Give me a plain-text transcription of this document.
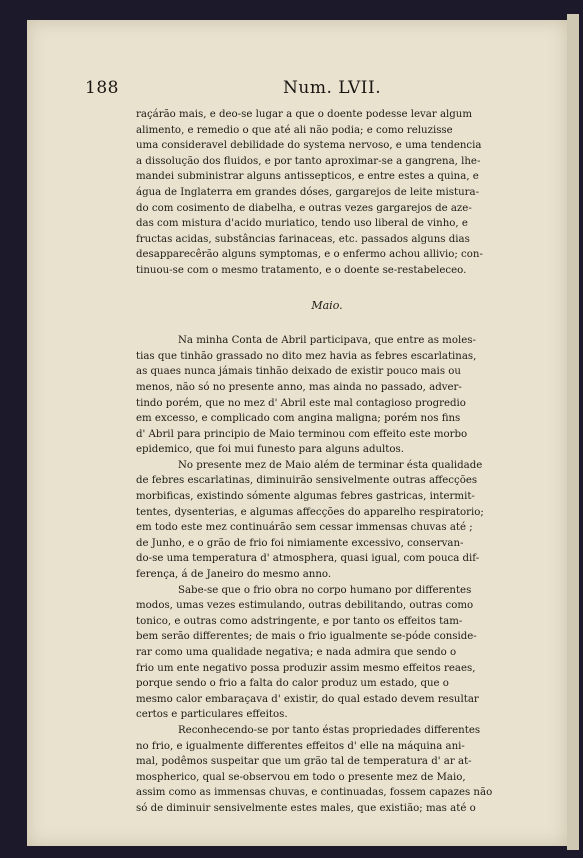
188	Num. LVII.

raçárão mais, e deo-se lugar a que o doente podesse levar algum
alimento, e remedio o que até ali não podia; e como reluzisse
uma consideravel debilidade do systema nervoso, e uma tendencia
a dissolução dos fluidos, e por tanto aproximar-se a gangrena, lhe-
mandei subministrar alguns antissepticos, e entre estes a quina, e
água de Inglaterra em grandes dóses, gargarejos de leite mistura-
do com cosimento de diabelha, e outras vezes gargarejos de aze-
das com mistura d'acido muriatico, tendo uso liberal de vinho, e
fructas acidas, substâncias farinaceas, etc. passados alguns dias
desapparecêrão alguns symptomas, e o enfermo achou allivio; con-
tinuou-se com o mesmo tratamento, e o doente se-restabeleceo.

Maio.

Na minha Conta de Abril participava, que entre as moles-
tias que tinhão grassado no dito mez havia as febres escarlatinas,
as quaes nunca jámais tinhão deixado de existir pouco mais ou
menos, não só no presente anno, mas ainda no passado, adver-
tindo porém, que no mez d' Abril este mal contagioso progredio
em excesso, e complicado com angina maligna; porém nos fins
d' Abril para principio de Maio terminou com effeito este morbo
epidemico, que foi mui funesto para alguns adultos.

No presente mez de Maio além de terminar ésta qualidade
de febres escarlatinas, diminuirão sensivelmente outras affecções
morbificas, existindo sómente algumas febres gastricas, intermit-
tentes, dysenterias, e algumas affecções do apparelho respiratorio;
em todo este mez continuárão sem cessar immensas chuvas até ;
de Junho, e o grão de frio foi nimiamente excessivo, conservan-
do-se uma temperatura d' atmosphera, quasi igual, com pouca dif-
ferença, á de Janeiro do mesmo anno.

Sabe-se que o frio obra no corpo humano por differentes
modos, umas vezes estimulando, outras debilitando, outras como
tonico, e outras como adstringente, e por tanto os effeitos tam-
bem serão differentes; de mais o frio igualmente se-póde conside-
rar como uma qualidade negativa; e nada admira que sendo o
frio um ente negativo possa produzir assim mesmo effeitos reaes,
porque sendo o frio a falta do calor produz um estado, que o
mesmo calor embaraçava d' existir, do qual estado devem resultar
certos e particulares effeitos.

Reconhecendo-se por tanto éstas propriedades differentes
no frio, e igualmente differentes effeitos d' elle na máquina ani-
mal, podêmos suspeitar que um grão tal de temperatura d' ar at-
mospherico, qual se-observou em todo o presente mez de Maio,
assim como as immensas chuvas, e continuadas, fossem capazes não
só de diminuir sensivelmente estes males, que existião; mas até o
